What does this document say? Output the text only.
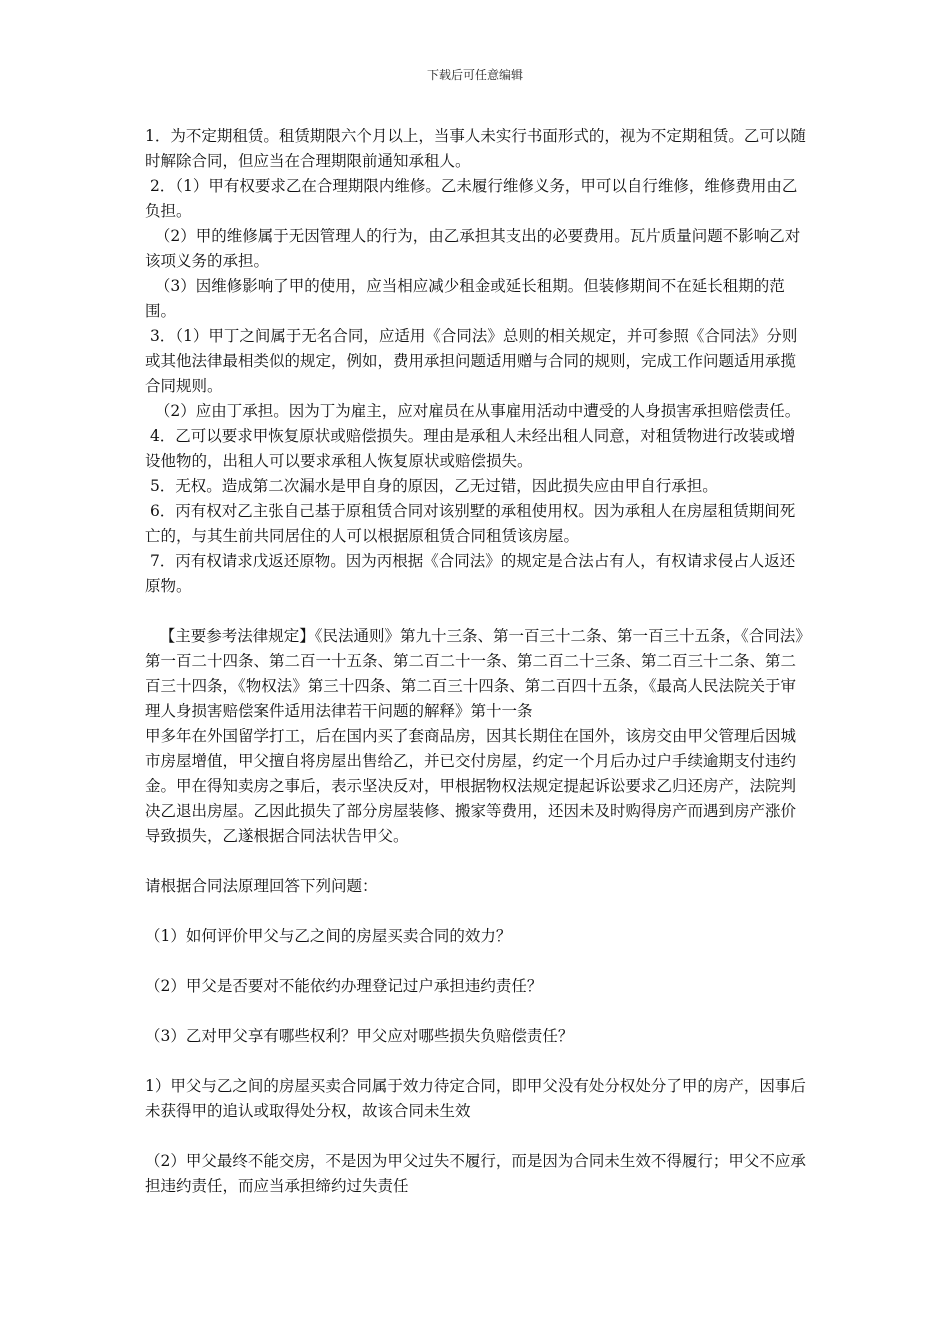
下载后可任意编辑

1．为不定期租赁。租赁期限六个月以上，当事人未实行书面形式的，视为不定期租赁。乙可以随时解除合同，但应当在合理期限前通知承租人。

2．（1）甲有权要求乙在合理期限内维修。乙未履行维修义务，甲可以自行维修，维修费用由乙负担。

（2）甲的维修属于无因管理人的行为，由乙承担其支出的必要费用。瓦片质量问题不影响乙对该项义务的承担。

（3）因维修影响了甲的使用，应当相应减少租金或延长租期。但装修期间不在延长租期的范围。

3．（1）甲丁之间属于无名合同，应适用《合同法》总则的相关规定，并可参照《合同法》分则或其他法律最相类似的规定，例如，费用承担问题适用赠与合同的规则，完成工作问题适用承揽合同规则。

（2）应由丁承担。因为丁为雇主，应对雇员在从事雇用活动中遭受的人身损害承担赔偿责任。

4．乙可以要求甲恢复原状或赔偿损失。理由是承租人未经出租人同意，对租赁物进行改装或增设他物的，出租人可以要求承租人恢复原状或赔偿损失。

5．无权。造成第二次漏水是甲自身的原因，乙无过错，因此损失应由甲自行承担。

6．丙有权对乙主张自己基于原租赁合同对该别墅的承租使用权。因为承租人在房屋租赁期间死亡的，与其生前共同居住的人可以根据原租赁合同租赁该房屋。

7．丙有权请求戊返还原物。因为丙根据《合同法》的规定是合法占有人，有权请求侵占人返还原物。

【主要参考法律规定】《民法通则》第九十三条、第一百三十二条、第一百三十五条，《合同法》第一百二十四条、第二百一十五条、第二百二十一条、第二百二十三条、第二百三十二条、第二百三十四条，《物权法》第三十四条、第二百三十四条、第二百四十五条，《最高人民法院关于审理人身损害赔偿案件适用法律若干问题的解释》第十一条

甲多年在外国留学打工，后在国内买了套商品房，因其长期住在国外，该房交由甲父管理后因城市房屋增值，甲父擅自将房屋出售给乙，并已交付房屋，约定一个月后办过户手续逾期支付违约金。甲在得知卖房之事后，表示坚决反对，甲根据物权法规定提起诉讼要求乙归还房产，法院判决乙退出房屋。乙因此损失了部分房屋装修、搬家等费用，还因未及时购得房产而遇到房产涨价导致损失，乙遂根据合同法状告甲父。

请根据合同法原理回答下列问题：

（1）如何评价甲父与乙之间的房屋买卖合同的效力？

（2）甲父是否要对不能依约办理登记过户承担违约责任？

（3）乙对甲父享有哪些权利？甲父应对哪些损失负赔偿责任？

1）甲父与乙之间的房屋买卖合同属于效力待定合同，即甲父没有处分权处分了甲的房产，因事后未获得甲的追认或取得处分权，故该合同未生效

（2）甲父最终不能交房，不是因为甲父过失不履行，而是因为合同未生效不得履行；甲父不应承担违约责任，而应当承担缔约过失责任
